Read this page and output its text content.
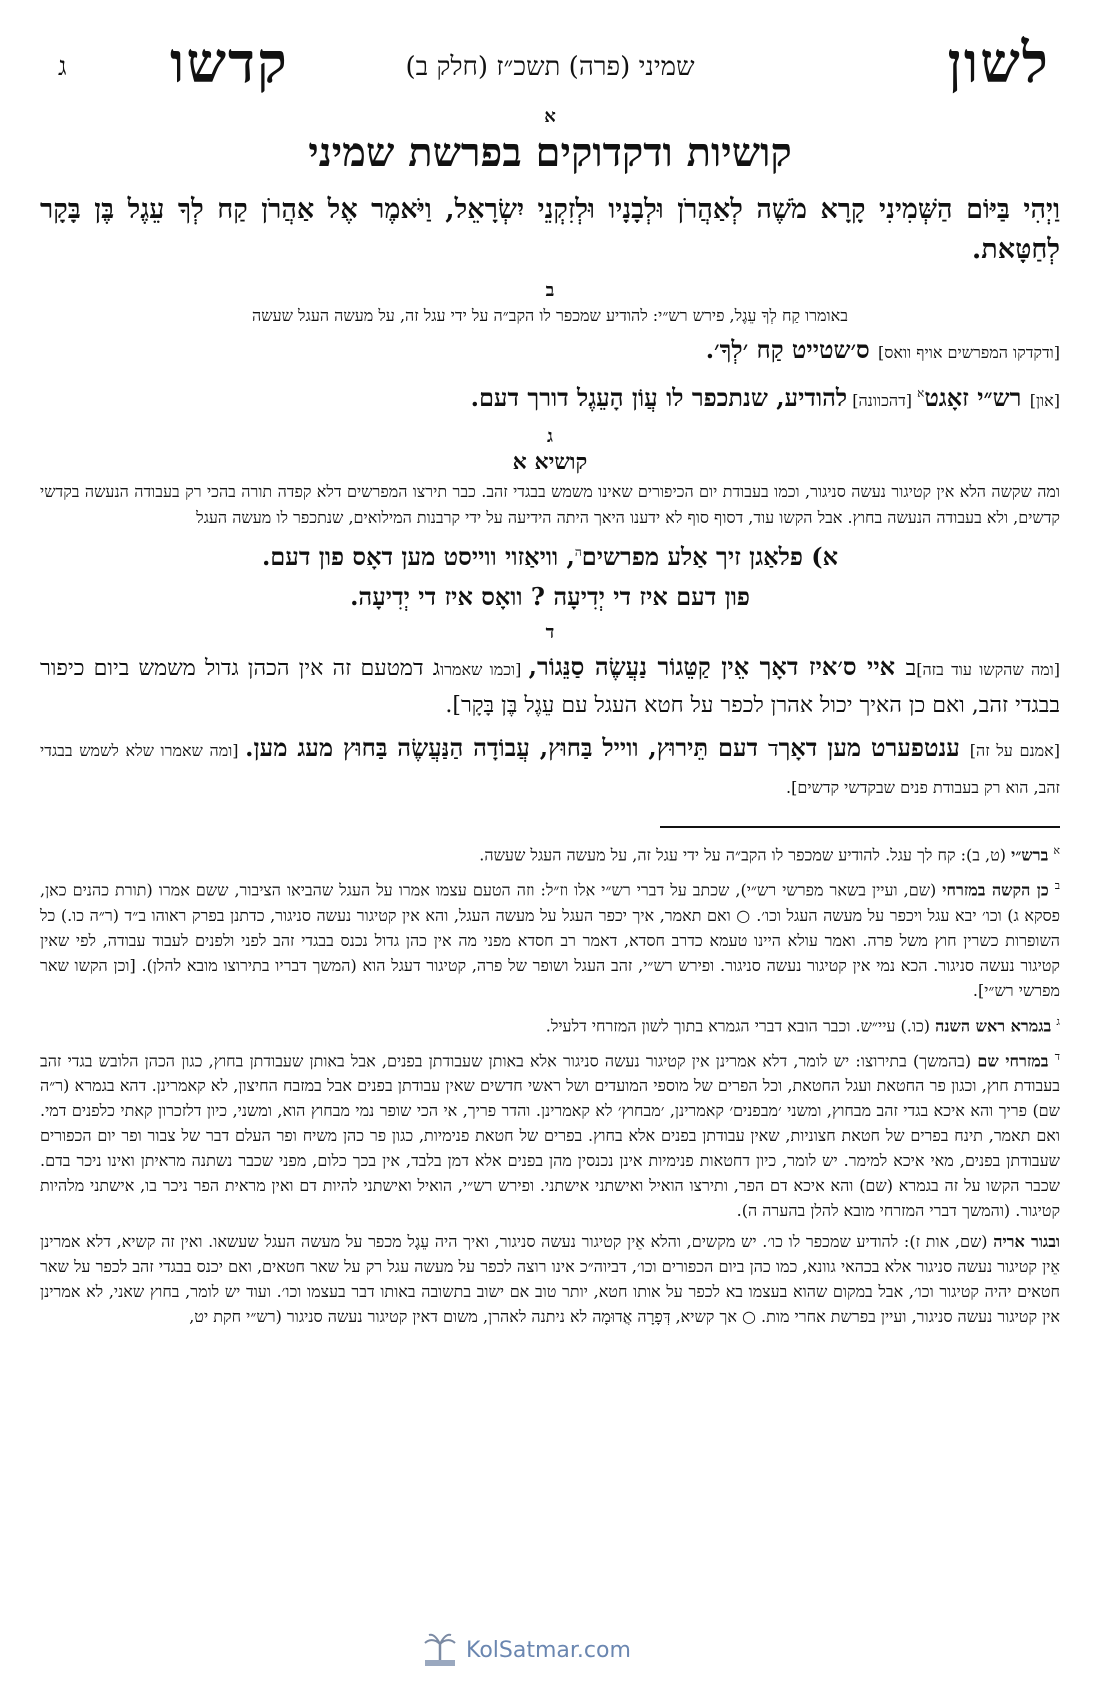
לשון
שמיני (פרה) תשכ״ז (חלק ב)
קדשו
ג
א
קושיות ודקדוקים בפרשת שמיני

וַיְהִי בַּיּוֹם הַשְּׁמִינִי קָרָא מֹשֶׁה לְאַהֲרֹן וּלְבָנָיו וּלְזִקְנֵי יִשְׂרָאֵל, וַיֹּאמֶר אֶל אַהֲרֹן קַח לְךָ עֵגֶל בֶּן בָּקָר לְחַטָּאת.

ב
באומרו קַח לְךָ עֵגֶל, פירש רש״י: להודיע שמכפר לו הקב״ה על ידי עגל זה, על מעשה העגל שעשה
[ודקדקו המפרשים אויף וואס] ס׳שטייט קַח ׳לְךָ׳.
[און] רש״י זאָגט$^א$ [דהכוונה] להודיע, שנתכפר לו עֲוֹן הָעֵגֶל דורך דעם.
ג
קושיא א

ומה שקשה הלא אין קטיגור נעשה סניגור, וכמו בעבודת יום הכיפורים שאינו משמש בבגדי זהב. כבר תירצו המפרשים דלא קפדה תורה בהכי רק בעבודה הנעשה בקדשי קדשים, ולא בעבודה הנעשה בחוץ. אבל הקשו עוד, דסוף סוף לא ידענו היאך היתה הידיעה על ידי קרבנות המילואים, שנתכפר לו מעשה העגל

א) פלאַגן זיך אַלע מפרשים$^ה$, וויאַזוי ווייסט מען דאָס פון דעם.
פון דעם איז די יְדִיעָה ? וואָס איז די יְדִיעָה.
ד

[ומה שהקשו עוד בזה]ב איי ס׳איז דאָך אֵין קַטֵּגוֹר נַעֲשֶׂה סַנֵּגוֹר, [וכמו שאמרוג דמטעם זה אין הכהן גדול משמש ביום כיפור בבגדי זהב, ואם כן האיך יכול אהרן לכפר על חטא העגל עם עֵגֶל בֶּן בָּקָר].

[אמנם על זה] ענטפערט מען דאָךד דעם תֵּירוּץ, ווייל בַּחוּץ, עֲבוֹדָה הַנַּעֲשֶׂה בַּחוּץ מעג מען. [ומה שאמרו שלא לשמש בבגדי זהב, הוא רק בעבודת פנים שבקדשי קדשים].

$^א$ ברש״י (ט, ב): קח לך עגל. להודיע שמכפר לו הקב״ה על ידי עגל זה, על מעשה העגל שעשה.

$^ב$ כן הקשה במזרחי (שם, ועיין בשאר מפרשי רש״י), שכתב על דברי רש״י אלו וז״ל: וזה הטעם עצמו אמרו על העגל שהביאו הציבור, ששם אמרו (תורת כהנים כאן, פסקא ג) וכו׳ יבא עגל ויכפר על מעשה העגל וכו׳. ○ ואם תאמר, איך יכפר העגל על מעשה העגל, והא אין קטיגור נעשה סניגור, כדתנן בפרק ראוהו ב״ד (ר״ה כו.) כל השופרות כשרין חוץ משל פרה. ואמר עולא היינו טעמא כדרב חסדא, דאמר רב חסדא מפני מה אין כהן גדול נכנס בבגדי זהב לפני ולפנים לעבוד עבודה, לפי שאין קטיגור נעשה סניגור. הכא נמי אין קטיגור נעשה סניגור. ופירש רש״י, זהב העגל ושופר של פרה, קטיגור דעגל הוא (המשך דבריו בתירוצו מובא להלן). [וכן הקשו שאר מפרשי רש״י].

$^ג$ בגמרא ראש השנה (כו.) עיי״ש. וכבר הובא דברי הגמרא בתוך לשון המזרחי דלעיל.

$^ד$ במזרחי שם (בהמשך) בתירוצו: יש לומר, דלא אמרינן אין קטיגור נעשה סניגור אלא באותן שעבודתן בפנים, אבל באותן שעבודתן בחוץ, כגון הכהן הלובש בגדי זהב בעבודת חוץ, וכגון פר החטאת ועגל החטאת, וכל הפרים של מוספי המועדים ושל ראשי חדשים שאין עבודתן בפנים אבל במזבח החיצון, לא קאמרינן. דהא בגמרא (ר״ה שם) פריך והא איכא בגדי זהב מבחוץ, ומשני ׳מבפנים׳ קאמרינן, ׳מבחוץ׳ לא קאמרינן. והדר פריך, אי הכי שופר נמי מבחוץ הוא, ומשני, כיון דלזכרון קאתי כלפנים דמי. ואם תאמר, תינח בפרים של חטאת חצוניות, שאין עבודתן בפנים אלא בחוץ. בפרים של חטאת פנימיות, כגון פר כהן משיח ופר העלם דבר של צבור ופר יום הכפורים שעבודתן בפנים, מאי איכא למימר. יש לומר, כיון דחטאות פנימיות אינן נכנסין מהן בפנים אלא דמן בלבד, אין בכך כלום, מפני שכבר נשתנה מראיתן ואינו ניכר בדם. שכבר הקשו על זה בגמרא (שם) והא איכא דם הפר, ותירצו הואיל ואישתני אישתני. ופירש רש״י, הואיל ואישתני להיות דם ואין מראית הפר ניכר בו, אישתני מלהיות קטיגור. (והמשך דברי המזרחי מובא להלן בהערה ה).

ובגור אריה (שם, אות ז): להודיע שמכפר לו כו׳. יש מקשים, והלא אֵין קטיגור נעשה סניגור, ואיך היה עֵגֶל מכפר על מעשה העגל שעשאו. ואין זה קשיא, דלא אמרינן אֵין קטיגור נעשה סניגור אלא בכהאי גוונא, כמו כהן ביום הכפורים וכו׳, דביוה״כ אינו רוצה לכפר על מעשה עגל רק על שאר חטאים, ואם יכנס בבגדי זהב לכפר על שאר חטאים יהיה קטיגור וכו׳, אבל במקום שהוא בעצמו בא לכפר על אותו חטא, יותר טוב אם ישוב בתשובה באותו דבר בעצמו וכו׳. ועוד יש לומר, בחוץ שאני, לא אמרינן אין קטיגור נעשה סניגור, ועיין בפרשת אחרי מות. ○ אך קשיא, דְּפָרָה אֲדוּמָה לא ניתנה לאהרן, משום דאין קטיגור נעשה סניגור (רש״י חקת יט,

KolSatmar.com
